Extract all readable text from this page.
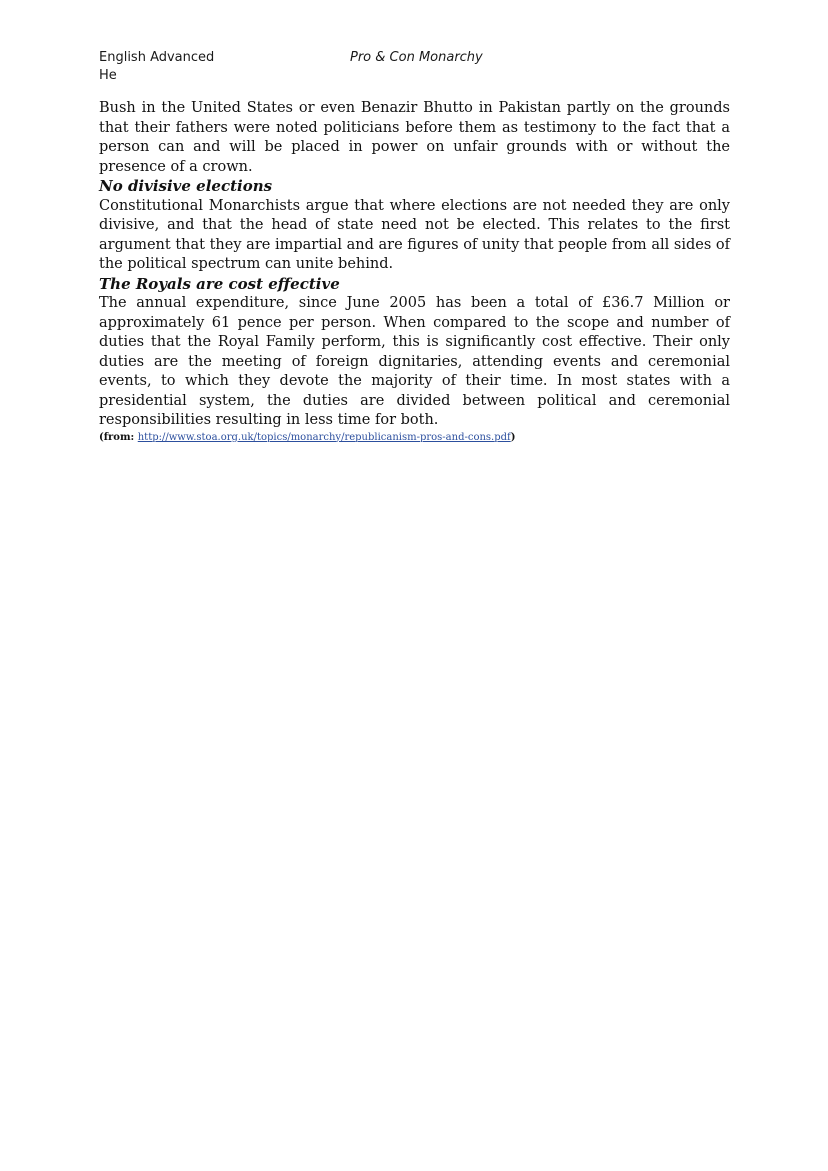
English Advanced	Pro & Con Monarchy
He

Bush in the United States or even Benazir Bhutto in Pakistan partly on the grounds that their fathers were noted politicians before them as testimony to the fact that a person can and will be placed in power on unfair grounds with or without the presence of a crown.

No divisive elections

Constitutional Monarchists argue that where elections are not needed they are only divisive, and that the head of state need not be elected. This relates to the first argument that they are impartial and are figures of unity that people from all sides of the political spectrum can unite behind.

The Royals are cost effective

The annual expenditure, since June 2005 has been a total of £36.7 Million or approximately 61 pence per person. When compared to the scope and number of duties that the Royal Family perform, this is significantly cost effective. Their only duties are the meeting of foreign dignitaries, attending events and ceremonial events, to which they devote the majority of their time. In most states with a presidential system, the duties are divided between political and ceremonial responsibilities resulting in less time for both.

(from: http://www.stoa.org.uk/topics/monarchy/republicanism-pros-and-cons.pdf)
